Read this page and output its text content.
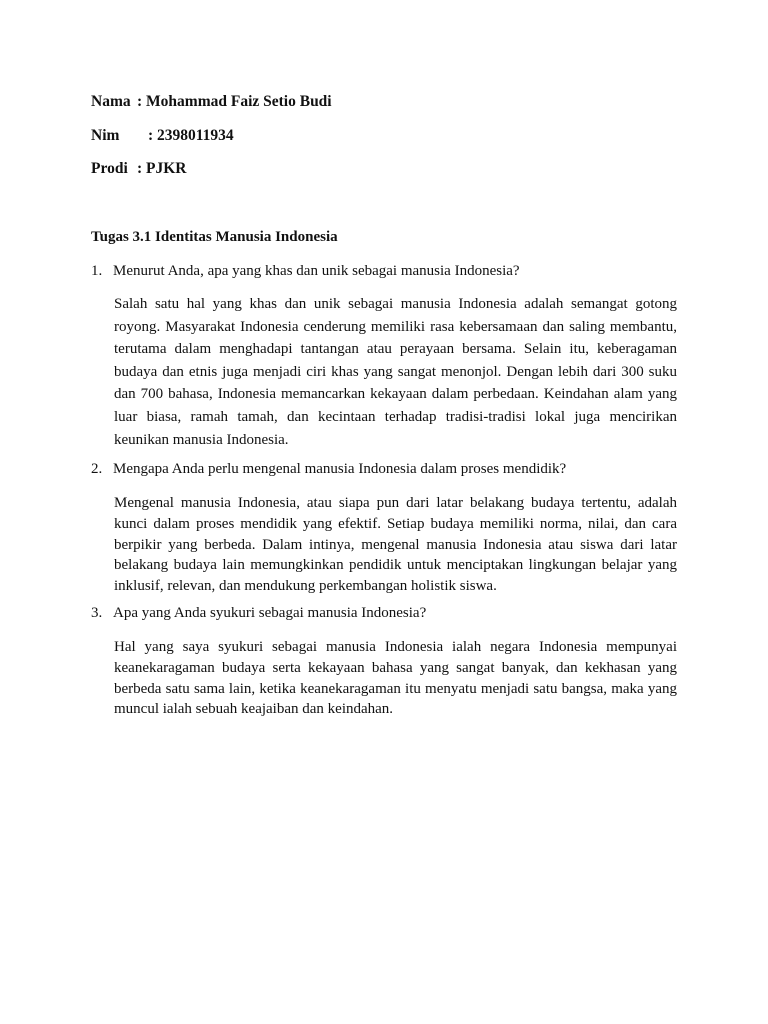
Nama : Mohammad Faiz Setio Budi
Nim : 2398011934
Prodi : PJKR
Tugas 3.1 Identitas Manusia Indonesia
1. Menurut Anda, apa yang khas dan unik sebagai manusia Indonesia?

Salah satu hal yang khas dan unik sebagai manusia Indonesia adalah semangat gotong royong. Masyarakat Indonesia cenderung memiliki rasa kebersamaan dan saling membantu, terutama dalam menghadapi tantangan atau perayaan bersama. Selain itu, keberagaman budaya dan etnis juga menjadi ciri khas yang sangat menonjol. Dengan lebih dari 300 suku dan 700 bahasa, Indonesia memancarkan kekayaan dalam perbedaan. Keindahan alam yang luar biasa, ramah tamah, dan kecintaan terhadap tradisi-tradisi lokal juga mencirikan keunikan manusia Indonesia.

2. Mengapa Anda perlu mengenal manusia Indonesia dalam proses mendidik?

Mengenal manusia Indonesia, atau siapa pun dari latar belakang budaya tertentu, adalah kunci dalam proses mendidik yang efektif. Setiap budaya memiliki norma, nilai, dan cara berpikir yang berbeda. Dalam intinya, mengenal manusia Indonesia atau siswa dari latar belakang budaya lain memungkinkan pendidik untuk menciptakan lingkungan belajar yang inklusif, relevan, dan mendukung perkembangan holistik siswa.

3. Apa yang Anda syukuri sebagai manusia Indonesia?

Hal yang saya syukuri sebagai manusia Indonesia ialah negara Indonesia mempunyai keanekaragaman budaya serta kekayaan bahasa yang sangat banyak, dan kekhasan yang berbeda satu sama lain, ketika keanekaragaman itu menyatu menjadi satu bangsa, maka yang muncul ialah sebuah keajaiban dan keindahan.
